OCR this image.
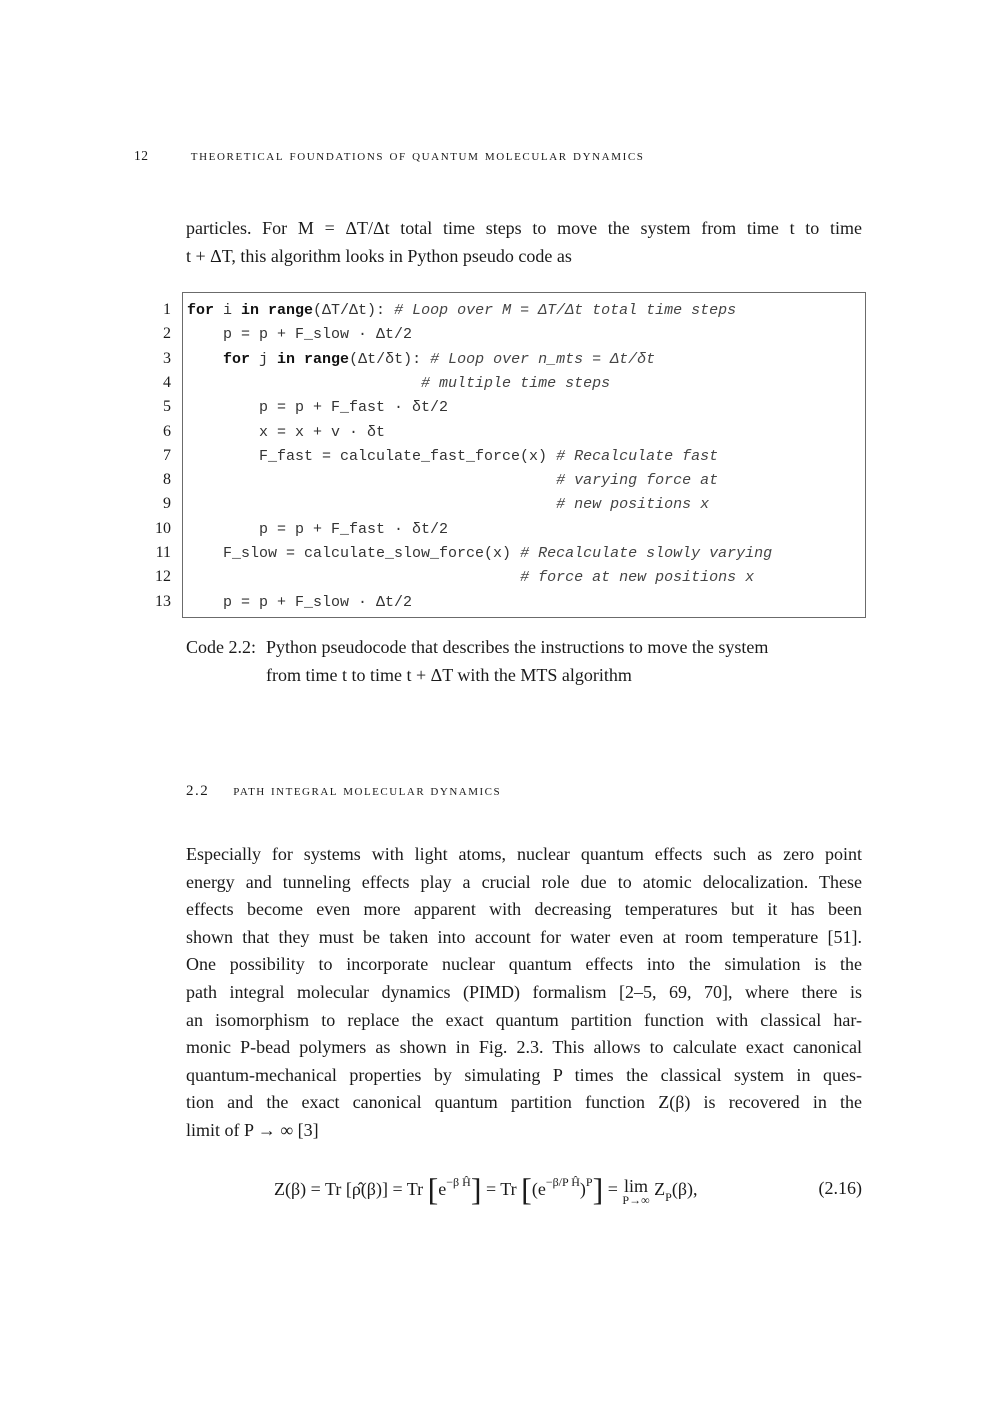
12	theoretical foundations of quantum molecular dynamics
particles. For M = ΔT/Δt total time steps to move the system from time t to time
t + ΔT, this algorithm looks in Python pseudo code as
1 for i in range(ΔT/Δt): # Loop over M = ΔT/Δt total time steps
2 p = p + F_slow · Δt/2
3	for j in range(Δt/δt): # Loop over n_mts = Δt/δt
4	# multiple time steps
5 p = p + F_fast · δt/2
6 x = x + v · δt
7 F_fast = calculate_fast_force(x) # Recalculate fast
8	# varying force at
9	# new positions x
10 p = p + F_fast · δt/2
11 F_slow = calculate_slow_force(x) # Recalculate slowly varying
12	# force at new positions x
13 p = p + F_slow · Δt/2
Code 2.2: Python pseudocode that describes the instructions to move the system
from time t to time t + ΔT with the MTS algorithm
2.2 path integral molecular dynamics
Especially for systems with light atoms, nuclear quantum effects such as zero point
energy and tunneling effects play a crucial role due to atomic delocalization. These
effects become even more apparent with decreasing temperatures but it has been
shown that they must be taken into account for water even at room temperature [51].
One possibility to incorporate nuclear quantum effects into the simulation is the
path integral molecular dynamics (PIMD) formalism [2–5, 69, 70], where there is
an isomorphism to replace the exact quantum partition function with classical har-
monic P-bead polymers as shown in Fig. 2.3. This allows to calculate exact canonical
quantum-mechanical properties by simulating P times the classical system in ques-
tion and the exact canonical quantum partition function Z(β) is recovered in the
limit of P → ∞ [3]
Z(β) = Tr [ρ̂(β)] = Tr $[e^{-\beta Ĥ}] = Tr$ $[(e^{-\beta/P Ĥ})^P] = \lim$
P→∞
$Z_P(\beta)$,	(2.16)
